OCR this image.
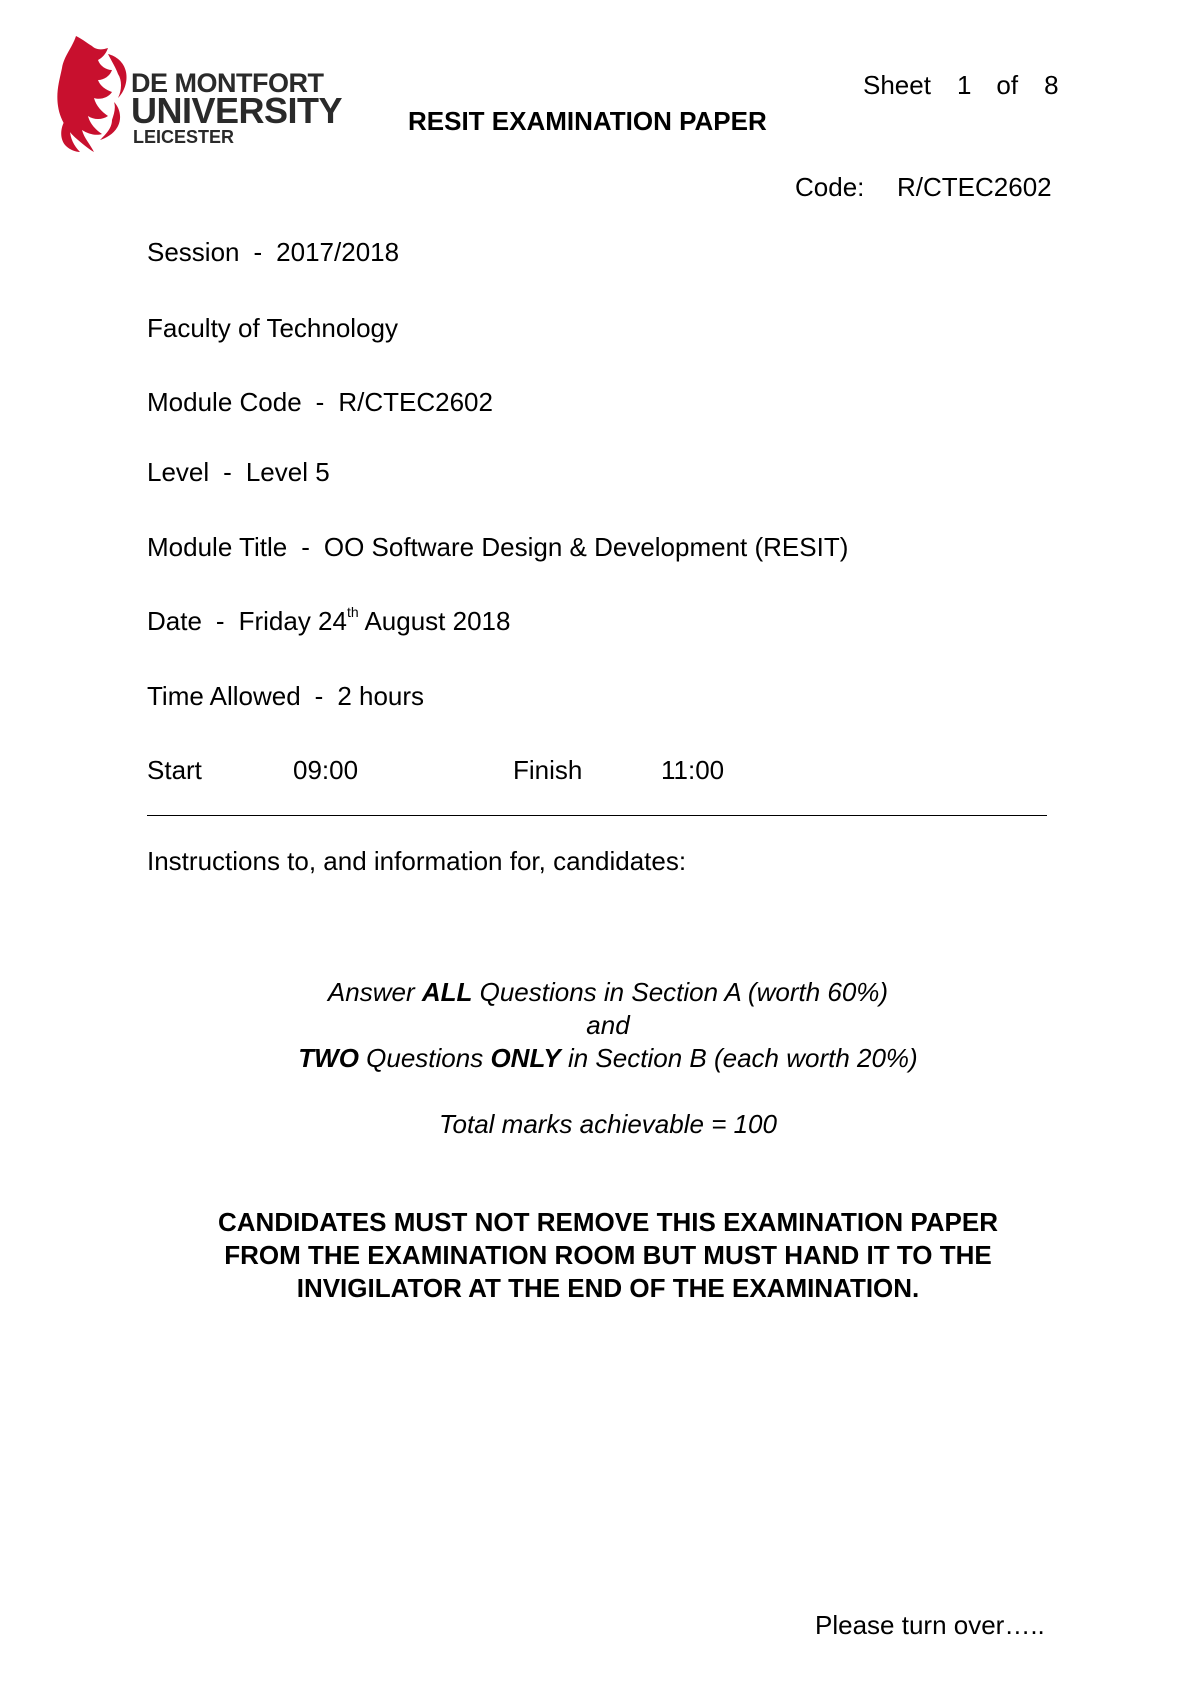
DE MONTFORT
UNIVERSITY
LEICESTER
Sheet 1 of 8
RESIT EXAMINATION PAPER
Code: R/CTEC2602
Session - 2017/2018
Faculty of Technology
Module Code - R/CTEC2602
Level - Level 5
Module Title - OO Software Design & Development (RESIT)
Date - Friday 24th August 2018
Time Allowed - 2 hours
Start	09:00	Finish	11:00
Instructions to, and information for, candidates:
Answer ALL Questions in Section A (worth 60%)
and
TWO Questions ONLY in Section B (each worth 20%)
Total marks achievable = 100
CANDIDATES MUST NOT REMOVE THIS EXAMINATION PAPER
FROM THE EXAMINATION ROOM BUT MUST HAND IT TO THE
INVIGILATOR AT THE END OF THE EXAMINATION.
Please turn over…..
